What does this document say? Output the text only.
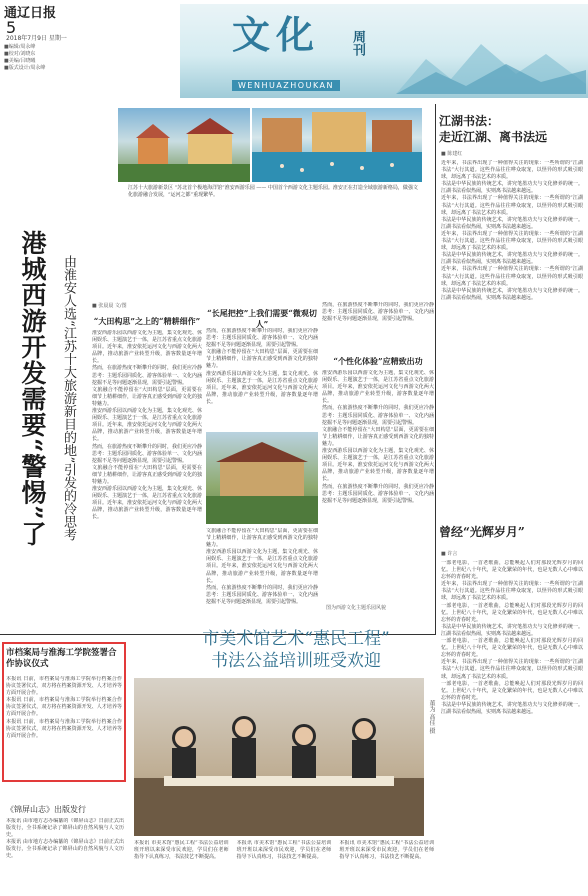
通辽日报
5
2018年7月9日 星期一
■编辑/周永峰
■校对/刘晓东
■美编/吕晓曦
■版式设计/周永峰
文化 周刊
WENHUAZHOUKAN
江苏十大旅游新景区 “苏北首个极地海洋馆”淮安西游乐园 —— 中国首个西游文化主题乐园。淮安正在打造全域旅游新格局，做强文化旅游融合发展，“运河之都”重现繁华。
港城西游开发需要“警惕”了 由淮安人选“江苏十大旅游新目的地”引发的冷思考	■ 张晨晨 文/图
“大田构思”之上的“精耕细作”

淮安西游乐园以西游文化为主题，集文化观光、休闲娱乐、主题演艺于一体，是江苏省重点文化旅游项目。近年来，淮安依托运河文化与西游文化两大品牌，推动旅游产业转型升级，游客数量逐年增长。

然而，在旅游热度不断攀升的同时，我们更应冷静思考：主题乐园同质化、游客体验单一、文化内涵挖掘不足等问题逐渐显现，需要引起警惕。

文旅融合不能停留在“大田构思”层面，更需要在细节上精耕细作，让游客真正感受到西游文化的独特魅力。

淮安西游乐园以西游文化为主题，集文化观光、休闲娱乐、主题演艺于一体，是江苏省重点文化旅游项目。近年来，淮安依托运河文化与西游文化两大品牌，推动旅游产业转型升级，游客数量逐年增长。

然而，在旅游热度不断攀升的同时，我们更应冷静思考：主题乐园同质化、游客体验单一、文化内涵挖掘不足等问题逐渐显现，需要引起警惕。

文旅融合不能停留在“大田构思”层面，更需要在细节上精耕细作，让游客真正感受到西游文化的独特魅力。

淮安西游乐园以西游文化为主题，集文化观光、休闲娱乐、主题演艺于一体，是江苏省重点文化旅游项目。近年来，淮安依托运河文化与西游文化两大品牌，推动旅游产业转型升级，游客数量逐年增长。

“长尾把控”上我们需要“微观切人”

然而，在旅游热度不断攀升的同时，我们更应冷静思考：主题乐园同质化、游客体验单一、文化内涵挖掘不足等问题逐渐显现，需要引起警惕。

文旅融合不能停留在“大田构思”层面，更需要在细节上精耕细作，让游客真正感受到西游文化的独特魅力。

淮安西游乐园以西游文化为主题，集文化观光、休闲娱乐、主题演艺于一体，是江苏省重点文化旅游项目。近年来，淮安依托运河文化与西游文化两大品牌，推动旅游产业转型升级，游客数量逐年增长。

文旅融合不能停留在“大田构思”层面，更需要在细节上精耕细作，让游客真正感受到西游文化的独特魅力。

淮安西游乐园以西游文化为主题，集文化观光、休闲娱乐、主题演艺于一体，是江苏省重点文化旅游项目。近年来，淮安依托运河文化与西游文化两大品牌，推动旅游产业转型升级，游客数量逐年增长。

然而，在旅游热度不断攀升的同时，我们更应冷静思考：主题乐园同质化、游客体验单一、文化内涵挖掘不足等问题逐渐显现，需要引起警惕。

然而，在旅游热度不断攀升的同时，我们更应冷静思考：主题乐园同质化、游客体验单一、文化内涵挖掘不足等问题逐渐显现，需要引起警惕。

“个性化体验”应精致出功

淮安西游乐园以西游文化为主题，集文化观光、休闲娱乐、主题演艺于一体，是江苏省重点文化旅游项目。近年来，淮安依托运河文化与西游文化两大品牌，推动旅游产业转型升级，游客数量逐年增长。

然而，在旅游热度不断攀升的同时，我们更应冷静思考：主题乐园同质化、游客体验单一、文化内涵挖掘不足等问题逐渐显现，需要引起警惕。

文旅融合不能停留在“大田构思”层面，更需要在细节上精耕细作，让游客真正感受到西游文化的独特魅力。

淮安西游乐园以西游文化为主题，集文化观光、休闲娱乐、主题演艺于一体，是江苏省重点文化旅游项目。近年来，淮安依托运河文化与西游文化两大品牌，推动旅游产业转型升级，游客数量逐年增长。

然而，在旅游热度不断攀升的同时，我们更应冷静思考：主题乐园同质化、游客体验单一、文化内涵挖掘不足等问题逐渐显现，需要引起警惕。

图为西游文化主题乐园风貌
江湖书法：
走近江湖、离书法远
■ 陈建红

近年来，书法界出现了一种值得关注的现象：一些所谓的“江湖书法”大行其道。这些作品往往哗众取宠，以怪异的形式吸引眼球，却远离了书法艺术的本质。

书法是中华民族的传统艺术，讲究笔墨功夫与文化修养的统一。江湖书法看似热闹，实则离书法越来越远。

近年来，书法界出现了一种值得关注的现象：一些所谓的“江湖书法”大行其道。这些作品往往哗众取宠，以怪异的形式吸引眼球，却远离了书法艺术的本质。

书法是中华民族的传统艺术，讲究笔墨功夫与文化修养的统一。江湖书法看似热闹，实则离书法越来越远。

近年来，书法界出现了一种值得关注的现象：一些所谓的“江湖书法”大行其道。这些作品往往哗众取宠，以怪异的形式吸引眼球，却远离了书法艺术的本质。

书法是中华民族的传统艺术，讲究笔墨功夫与文化修养的统一。江湖书法看似热闹，实则离书法越来越远。

近年来，书法界出现了一种值得关注的现象：一些所谓的“江湖书法”大行其道。这些作品往往哗众取宠，以怪异的形式吸引眼球，却远离了书法艺术的本质。

书法是中华民族的传统艺术，讲究笔墨功夫与文化修养的统一。江湖书法看似热闹，实则离书法越来越远。

曾经“光辉岁月”
■ 许言

一部老电影，一首老歌曲，总能唤起人们对那段光辉岁月的回忆。上世纪八十年代，是文化繁荣的年代，也是无数人心中难以忘怀的青春时光。

近年来，书法界出现了一种值得关注的现象：一些所谓的“江湖书法”大行其道。这些作品往往哗众取宠，以怪异的形式吸引眼球，却远离了书法艺术的本质。

一部老电影，一首老歌曲，总能唤起人们对那段光辉岁月的回忆。上世纪八十年代，是文化繁荣的年代，也是无数人心中难以忘怀的青春时光。

书法是中华民族的传统艺术，讲究笔墨功夫与文化修养的统一。江湖书法看似热闹，实则离书法越来越远。

一部老电影，一首老歌曲，总能唤起人们对那段光辉岁月的回忆。上世纪八十年代，是文化繁荣的年代，也是无数人心中难以忘怀的青春时光。

近年来，书法界出现了一种值得关注的现象：一些所谓的“江湖书法”大行其道。这些作品往往哗众取宠，以怪异的形式吸引眼球，却远离了书法艺术的本质。

一部老电影，一首老歌曲，总能唤起人们对那段光辉岁月的回忆。上世纪八十年代，是文化繁荣的年代，也是无数人心中难以忘怀的青春时光。

书法是中华民族的传统艺术，讲究笔墨功夫与文化修养的统一。江湖书法看似热闹，实则离书法越来越远。

市档案局与淮海工学院签署合作协议仪式

本报讯 日前，市档案局与淮海工学院举行档案合作协议签署仪式，双方将在档案资源开发、人才培养等方面开展合作。

本报讯 日前，市档案局与淮海工学院举行档案合作协议签署仪式，双方将在档案资源开发、人才培养等方面开展合作。

本报讯 日前，市档案局与淮海工学院举行档案合作协议签署仪式，双方将在档案资源开发、人才培养等方面开展合作。

《锦屏山志》出版发行

本报讯 由市地方志办编纂的《锦屏山志》日前正式出版发行，全书系统记录了锦屏山的自然风貌与人文历史。

本报讯 由市地方志办编纂的《锦屏山志》日前正式出版发行，全书系统记录了锦屏山的自然风貌与人文历史。

市美术馆艺术“惠民工程”
书法公益培训班受欢迎
董为 高佳 摄

本报讯 市美术馆“惠民工程”书法公益培训班开班以来深受市民欢迎，学员们在老师指导下认真练习，书法技艺不断提高。

本报讯 市美术馆“惠民工程”书法公益培训班开班以来深受市民欢迎，学员们在老师指导下认真练习，书法技艺不断提高。

本报讯 市美术馆“惠民工程”书法公益培训班开班以来深受市民欢迎，学员们在老师指导下认真练习，书法技艺不断提高。
